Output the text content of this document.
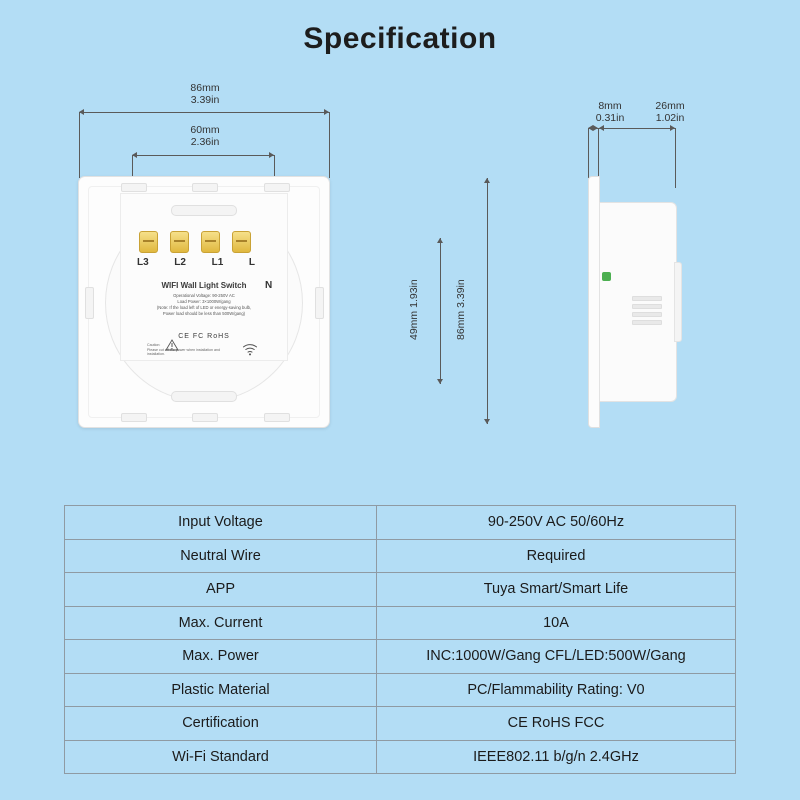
Specification
86mm
3.39in
60mm
2.36in
49mm 1.93in
86mm 3.39in
8mm
0.31in
26mm
1.02in
L3	L2	L1	L
N
WIFI Wall Light Switch
Operational Voltage: 90-250V AC
Load Power: 3×1000W/gang
(Note: If the load left of LED or energy-saving bulb,
Power load should be less than 500W/gang)
CE FC RoHS
Caution:
Please cut off the power when installation and installation.
Input Voltage	90-250V AC 50/60Hz
Neutral Wire	Required
APP	Tuya Smart/Smart Life
Max. Current	10A
Max. Power	INC:1000W/Gang CFL/LED:500W/Gang
Plastic Material	PC/Flammability Rating: V0
Certification	CE RoHS FCC
Wi-Fi Standard	IEEE802.11 b/g/n 2.4GHz
